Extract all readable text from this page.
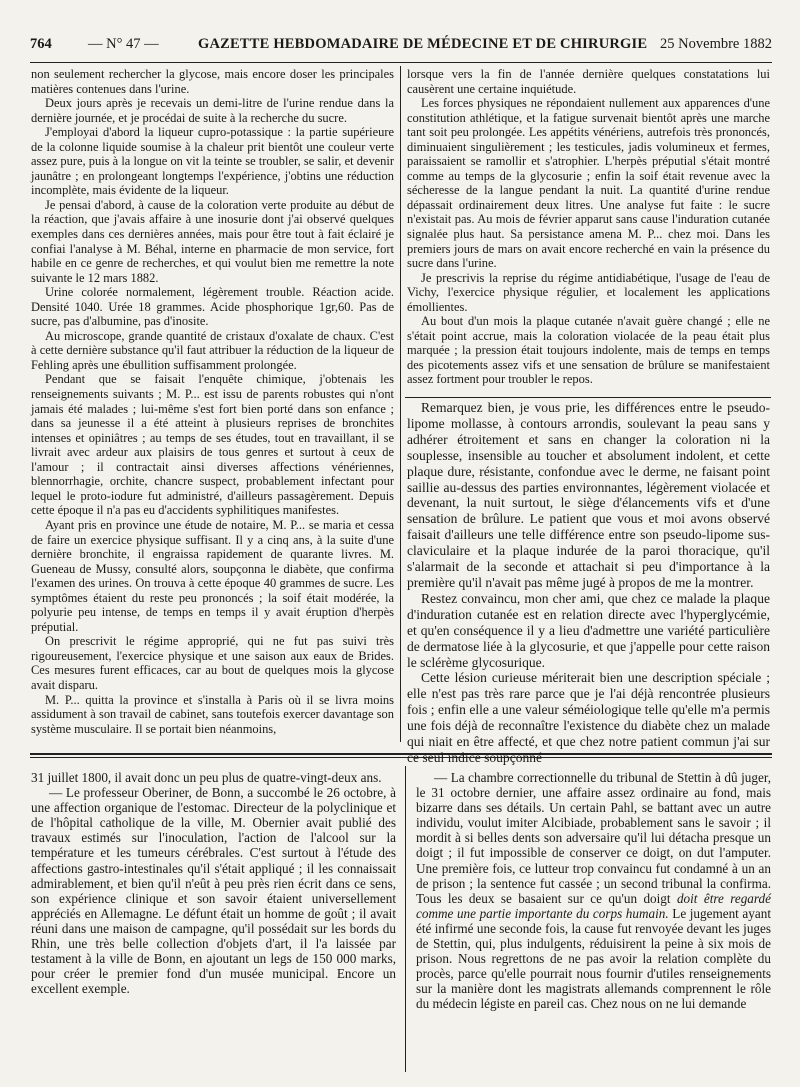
764	— N° 47 —	GAZETTE HEBDOMADAIRE DE MÉDECINE ET DE CHIRURGIE 25 Novembre 1882

non seulement rechercher la glycose, mais encore doser les principales matières contenues dans l'urine.

Deux jours après je recevais un demi-litre de l'urine rendue dans la dernière journée, et je procédai de suite à la recherche du sucre.

J'employai d'abord la liqueur cupro-potassique : la partie supérieure de la colonne liquide soumise à la chaleur prit bientôt une couleur verte assez pure, puis à la longue on vit la teinte se troubler, se salir, et devenir jaunâtre ; en prolongeant longtemps l'expérience, j'obtins une réduction incomplète, mais évidente de la liqueur.

Je pensai d'abord, à cause de la coloration verte produite au début de la réaction, que j'avais affaire à une inosurie dont j'ai observé quelques exemples dans ces dernières années, mais pour être tout à fait éclairé je confiai l'analyse à M. Béhal, interne en pharmacie de mon service, fort habile en ce genre de recherches, et qui voulut bien me remettre la note suivante le 12 mars 1882.

Urine colorée normalement, légèrement trouble. Réaction acide. Densité 1040. Urée 18 grammes. Acide phosphorique 1gr,60. Pas de sucre, pas d'albumine, pas d'inosite.

Au microscope, grande quantité de cristaux d'oxalate de chaux. C'est à cette dernière substance qu'il faut attribuer la réduction de la liqueur de Fehling après une ébullition suffisamment prolongée.

Pendant que se faisait l'enquête chimique, j'obtenais les renseignements suivants ; M. P... est issu de parents robustes qui n'ont jamais été malades ; lui-même s'est fort bien porté dans son enfance ; dans sa jeunesse il a été atteint à plusieurs reprises de bronchites intenses et opiniâtres ; au temps de ses études, tout en travaillant, il se livrait avec ardeur aux plaisirs de tous genres et surtout à ceux de l'amour ; il contractait ainsi diverses affections vénériennes, blennorrhagie, orchite, chancre suspect, probablement infectant pour lequel le proto-iodure fut administré, d'ailleurs passagèrement. Depuis cette époque il n'a pas eu d'accidents syphilitiques manifestes.

Ayant pris en province une étude de notaire, M. P... se maria et cessa de faire un exercice physique suffisant. Il y a cinq ans, à la suite d'une dernière bronchite, il engraissa rapidement de quarante livres. M. Gueneau de Mussy, consulté alors, soupçonna le diabète, que confirma l'examen des urines. On trouva à cette époque 40 grammes de sucre. Les symptômes étaient du reste peu prononcés ; la soif était modérée, la polyurie peu intense, de temps en temps il y avait éruption d'herpès préputial.

On prescrivit le régime approprié, qui ne fut pas suivi très rigoureusement, l'exercice physique et une saison aux eaux de Brides. Ces mesures furent efficaces, car au bout de quelques mois la glycose avait disparu.

M. P... quitta la province et s'installa à Paris où il se livra moins assidument à son travail de cabinet, sans toutefois exercer davantage son système musculaire. Il se portait bien néanmoins,

lorsque vers la fin de l'année dernière quelques constatations lui causèrent une certaine inquiétude.

Les forces physiques ne répondaient nullement aux apparences d'une constitution athlétique, et la fatigue survenait bientôt après une marche tant soit peu prolongée. Les appétits vénériens, autrefois très prononcés, diminuaient singulièrement ; les testicules, jadis volumineux et fermes, paraissaient se ramollir et s'atrophier. L'herpès préputial s'était montré comme au temps de la glycosurie ; enfin la soif était revenue avec la sécheresse de la langue pendant la nuit. La quantité d'urine rendue dépassait ordinairement deux litres. Une analyse fut faite : le sucre n'existait pas. Au mois de février apparut sans cause l'induration cutanée signalée plus haut. Sa persistance amena M. P... chez moi. Dans les premiers jours de mars on avait encore recherché en vain la présence du sucre dans l'urine.

Je prescrivis la reprise du régime antidiabétique, l'usage de l'eau de Vichy, l'exercice physique régulier, et localement les applications émollientes.

Au bout d'un mois la plaque cutanée n'avait guère changé ; elle ne s'était point accrue, mais la coloration violacée de la peau était plus marquée ; la pression était toujours indolente, mais de temps en temps des picotements assez vifs et une sensation de brûlure se manifestaient assez fortment pour troubler le repos.

Remarquez bien, je vous prie, les différences entre le pseudo-lipome mollasse, à contours arrondis, soulevant la peau sans y adhérer étroitement et sans en changer la coloration ni la souplesse, insensible au toucher et absolument indolent, et cette plaque dure, résistante, confondue avec le derme, ne faisant point saillie au-dessus des parties environnantes, légèrement violacée et devenant, la nuit surtout, le siège d'élancements vifs et d'une sensation de brûlure. Le patient que vous et moi avons observé faisait d'ailleurs une telle différence entre son pseudo-lipome sus-claviculaire et la plaque indurée de la paroi thoracique, qu'il s'alarmait de la seconde et attachait si peu d'importance à la première qu'il n'avait pas même jugé à propos de me la montrer.

Restez convaincu, mon cher ami, que chez ce malade la plaque d'induration cutanée est en relation directe avec l'hyperglycémie, et qu'en conséquence il y a lieu d'admettre une variété particulière de dermatose liée à la glycosurie, et que j'appelle pour cette raison le sclérème glycosurique.

Cette lésion curieuse mériterait bien une description spéciale ; elle n'est pas très rare parce que je l'ai déjà rencontrée plusieurs fois ; enfin elle a une valeur séméiologique telle qu'elle m'a permis une fois déjà de reconnaître l'existence du diabète chez un malade qui niait en être affecté, et que chez notre patient commun j'ai sur ce seul indice soupçonné

31 juillet 1800, il avait donc un peu plus de quatre-vingt-deux ans.

— Le professeur Oberiner, de Bonn, a succombé le 26 octobre, à une affection organique de l'estomac. Directeur de la polyclinique et de l'hôpital catholique de la ville, M. Obernier avait publié des travaux estimés sur l'inoculation, l'action de l'alcool sur la température et les tumeurs cérébrales. C'est surtout à l'étude des affections gastro-intestinales qu'il s'était appliqué ; il les connaissait admirablement, et bien qu'il n'eût à peu près rien écrit dans ce sens, son expérience clinique et son savoir étaient universellement appréciés en Allemagne. Le défunt était un homme de goût ; il avait réuni dans une maison de campagne, qu'il possédait sur les bords du Rhin, une très belle collection d'objets d'art, il l'a laissée par testament à la ville de Bonn, en ajoutant un legs de 150 000 marks, pour créer le premier fond d'un musée municipal. Encore un excellent exemple.

— La chambre correctionnelle du tribunal de Stettin à dû juger, le 31 octobre dernier, une affaire assez ordinaire au fond, mais bizarre dans ses détails. Un certain Pahl, se battant avec un autre individu, voulut imiter Alcibiade, probablement sans le savoir ; il mordit à si belles dents son adversaire qu'il lui détacha presque un doigt ; il fut impossible de conserver ce doigt, on dut l'amputer. Une première fois, ce lutteur trop convaincu fut condamné à un an de prison ; la sentence fut cassée ; un second tribunal la confirma. Tous les deux se basaient sur ce qu'un doigt doit être regardé comme une partie importante du corps humain. Le jugement ayant été infirmé une seconde fois, la cause fut renvoyée devant les juges de Stettin, qui, plus indulgents, réduisirent la peine à six mois de prison. Nous regrettons de ne pas avoir la relation complète du procès, parce qu'elle pourrait nous fournir d'utiles renseignements sur la manière dont les magistrats allemands comprennent le rôle du médecin légiste en pareil cas. Chez nous on ne lui demande
